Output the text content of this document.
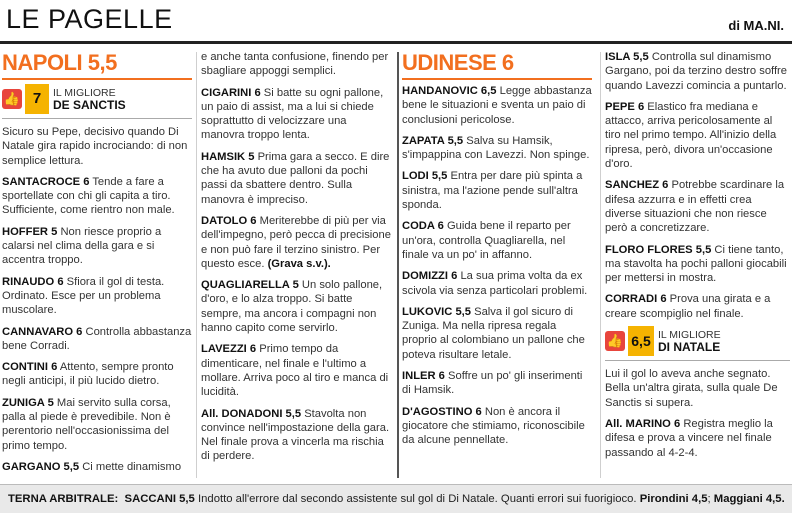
LE PAGELLE	di MA.NI.
NAPOLI 5,5
👍 7	IL MIGLIORE
DE SANCTIS
Sicuro su Pepe, decisivo quando Di Natale gira rapido incrociando: di non semplice lettura.
SANTACROCE 6 Tende a fare a sportellate con chi gli capita a tiro. Sufficiente, come rientro non male.
HOFFER 5 Non riesce proprio a calarsi nel clima della gara e si accentra troppo.
RINAUDO 6 Sfiora il gol di testa. Ordinato. Esce per un problema muscolare.
CANNAVARO 6 Controlla abbastanza bene Corradi.
CONTINI 6 Attento, sempre pronto negli anticipi, il più lucido dietro.
ZUNIGA 5 Mai servito sulla corsa, palla al piede è prevedibile. Non è perentorio nell'occasionissima del primo tempo.
GARGANO 5,5 Ci mette dinamismo
e anche tanta confusione, finendo per sbagliare appoggi semplici.
CIGARINI 6 Si batte su ogni pallone, un paio di assist, ma a lui si chiede soprattutto di velocizzare una manovra troppo lenta.
HAMSIK 5 Prima gara a secco. E dire che ha avuto due palloni da pochi passi da sbattere dentro. Sulla manovra è impreciso.
DATOLO 6 Meriterebbe di più per via dell'impegno, però pecca di precisione e non può fare il terzino sinistro. Per questo esce. (Grava s.v.).
QUAGLIARELLA 5 Un solo pallone, d'oro, e lo alza troppo. Si batte sempre, ma ancora i compagni non hanno capito come servirlo.
LAVEZZI 6 Primo tempo da dimenticare, nel finale e l'ultimo a mollare. Arriva poco al tiro e manca di lucidità.
All. DONADONI 5,5 Stavolta non convince nell'impostazione della gara. Nel finale prova a vincerla ma rischia di perdere.
UDINESE 6
HANDANOVIC 6,5 Legge abbastanza bene le situazioni e sventa un paio di conclusioni pericolose.
ZAPATA 5,5 Salva su Hamsik, s'impappina con Lavezzi. Non spinge.
LODI 5,5 Entra per dare più spinta a sinistra, ma l'azione pende sull'altra sponda.
CODA 6 Guida bene il reparto per un'ora, controlla Quagliarella, nel finale va un po' in affanno.
DOMIZZI 6 La sua prima volta da ex scivola via senza particolari problemi.
LUKOVIC 5,5 Salva il gol sicuro di Zuniga. Ma nella ripresa regala proprio al colombiano un pallone che poteva risultare letale.
INLER 6 Soffre un po' gli inserimenti di Hamsik.
D'AGOSTINO 6 Non è ancora il giocatore che stimiamo, riconoscibile da alcune pennellate.
ISLA 5,5 Controlla sul dinamismo Gargano, poi da terzino destro soffre quando Lavezzi comincia a puntarlo.
PEPE 6 Elastico fra mediana e attacco, arriva pericolosamente al tiro nel primo tempo. All'inizio della ripresa, però, divora un'occasione d'oro.
SANCHEZ 6 Potrebbe scardinare la difesa azzurra e in effetti crea diverse situazioni che non riesce però a concretizzare.
FLORO FLORES 5,5 Ci tiene tanto, ma stavolta ha pochi palloni giocabili per mettersi in mostra.
CORRADI 6 Prova una girata e a creare scompiglio nel finale.
👍 6,5 IL MIGLIORE
DI NATALE
Lui il gol lo aveva anche segnato. Bella un'altra girata, sulla quale De Sanctis si supera.
All. MARINO 6 Registra meglio la difesa e prova a vincere nel finale passando al 4-2-4.
TERNA ARBITRALE: SACCANI 5,5 Indotto all'errore dal secondo assistente sul gol di Di Natale. Quanti errori sui fuorigioco. Pirondini 4,5; Maggiani 4,5.
